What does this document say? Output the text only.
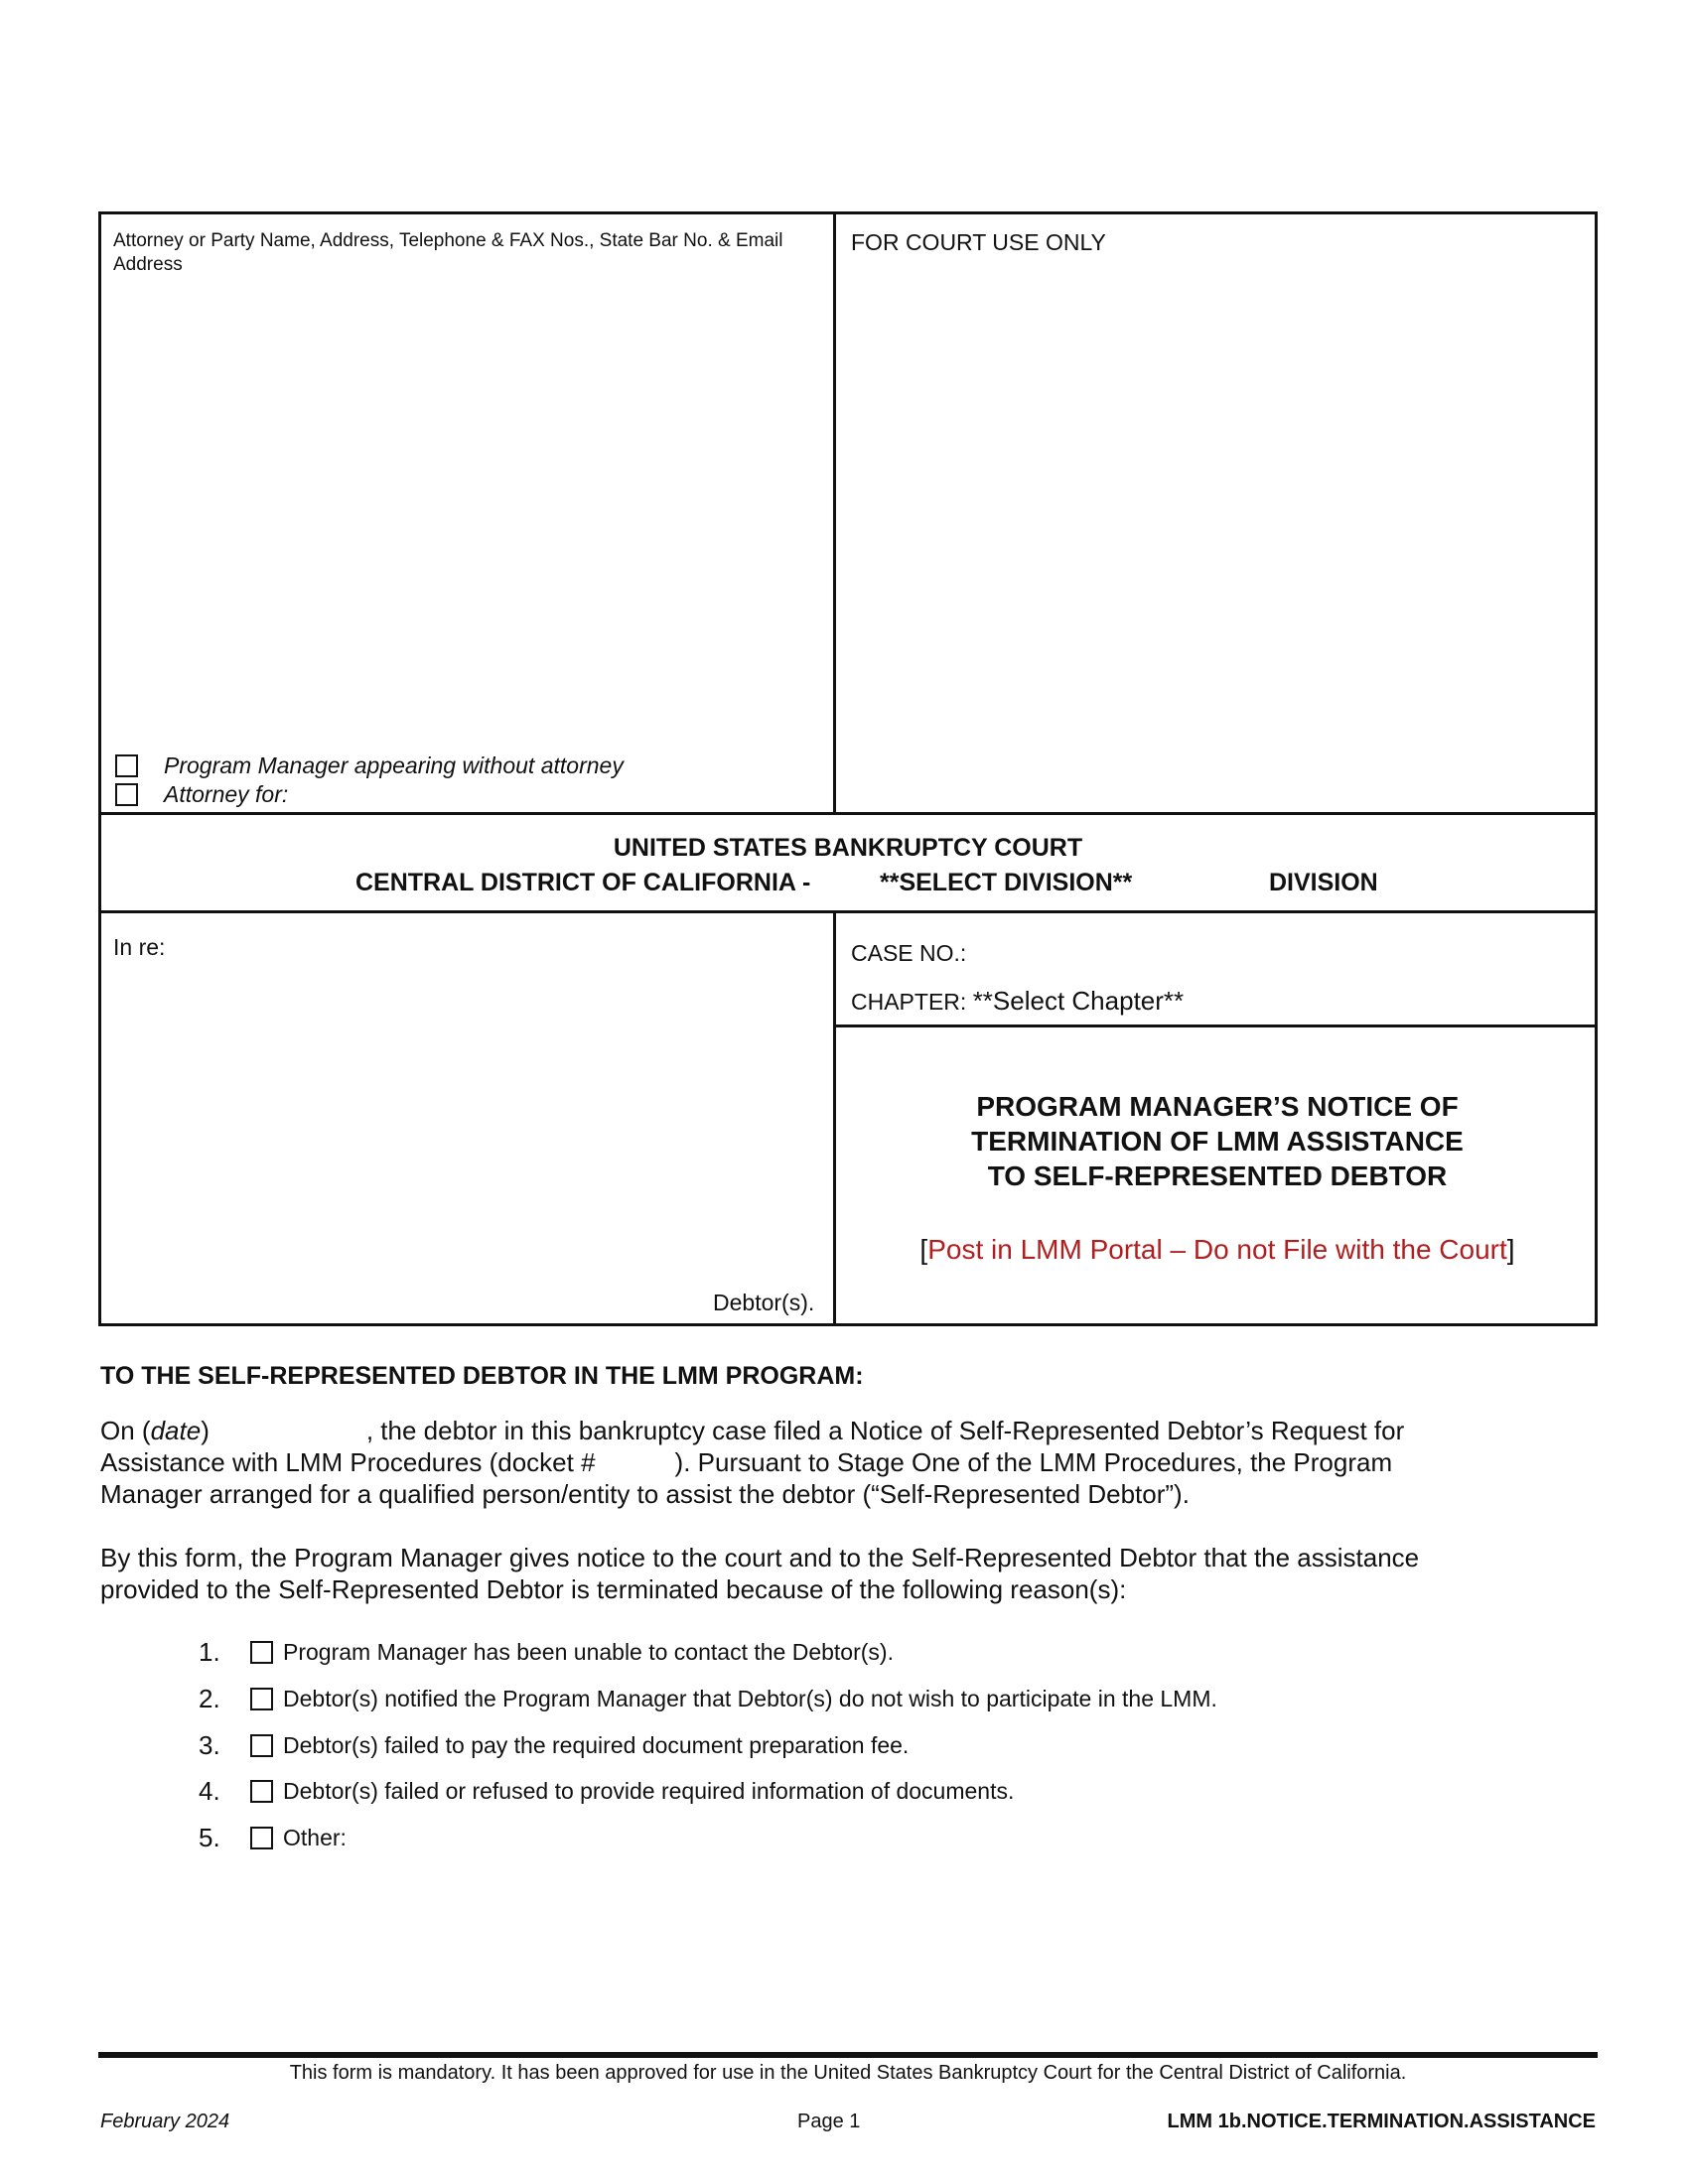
Attorney or Party Name, Address, Telephone & FAX Nos., State Bar No. & Email Address
FOR COURT USE ONLY
Program Manager appearing without attorney
Attorney for:
UNITED STATES BANKRUPTCY COURT
CENTRAL DISTRICT OF CALIFORNIA -	**SELECT DIVISION**	DIVISION
In re:
Debtor(s).
CASE NO.:
CHAPTER: **Select Chapter**
PROGRAM MANAGER’S NOTICE OF
TERMINATION OF LMM ASSISTANCE
TO SELF-REPRESENTED DEBTOR
[Post in LMM Portal – Do not File with the Court]
TO THE SELF-REPRESENTED DEBTOR IN THE LMM PROGRAM:
On (date)	, the debtor in this bankruptcy case filed a Notice of Self-Represented Debtor’s Request for
Assistance with LMM Procedures (docket #	). Pursuant to Stage One of the LMM Procedures, the Program
Manager arranged for a qualified person/entity to assist the debtor (“Self-Represented Debtor”).
By this form, the Program Manager gives notice to the court and to the Self-Represented Debtor that the assistance
provided to the Self-Represented Debtor is terminated because of the following reason(s):
1.	Program Manager has been unable to contact the Debtor(s).
2.	Debtor(s) notified the Program Manager that Debtor(s) do not wish to participate in the LMM.
3.	Debtor(s) failed to pay the required document preparation fee.
4.	Debtor(s) failed or refused to provide required information of documents.
5.	Other:
This form is mandatory. It has been approved for use in the United States Bankruptcy Court for the Central District of California.
February 2024	Page 1	LMM 1b.NOTICE.TERMINATION.ASSISTANCE
